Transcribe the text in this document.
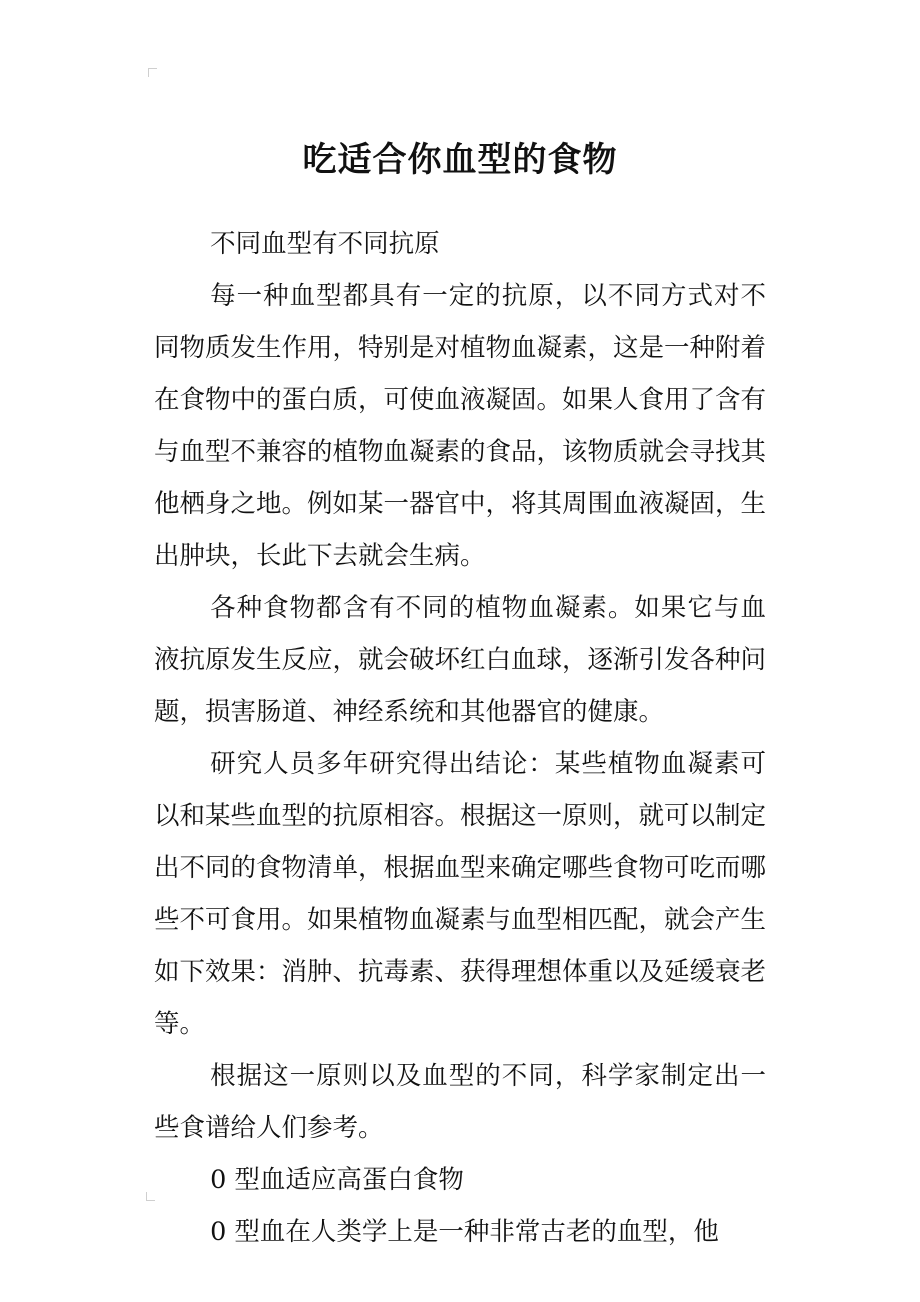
吃适合你血型的食物

不同血型有不同抗原

每一种血型都具有一定的抗原，以不同方式对不同物质发生作用，特别是对植物血凝素，这是一种附着在食物中的蛋白质，可使血液凝固。如果人食用了含有与血型不兼容的植物血凝素的食品，该物质就会寻找其他栖身之地。例如某一器官中，将其周围血液凝固，生出肿块，长此下去就会生病。

各种食物都含有不同的植物血凝素。如果它与血液抗原发生反应，就会破坏红白血球，逐渐引发各种问题，损害肠道、神经系统和其他器官的健康。

研究人员多年研究得出结论：某些植物血凝素可以和某些血型的抗原相容。根据这一原则，就可以制定出不同的食物清单，根据血型来确定哪些食物可吃而哪些不可食用。如果植物血凝素与血型相匹配，就会产生如下效果：消肿、抗毒素、获得理想体重以及延缓衰老等。

根据这一原则以及血型的不同，科学家制定出一些食谱给人们参考。

0 型血适应高蛋白食物

0 型血在人类学上是一种非常古老的血型，他
